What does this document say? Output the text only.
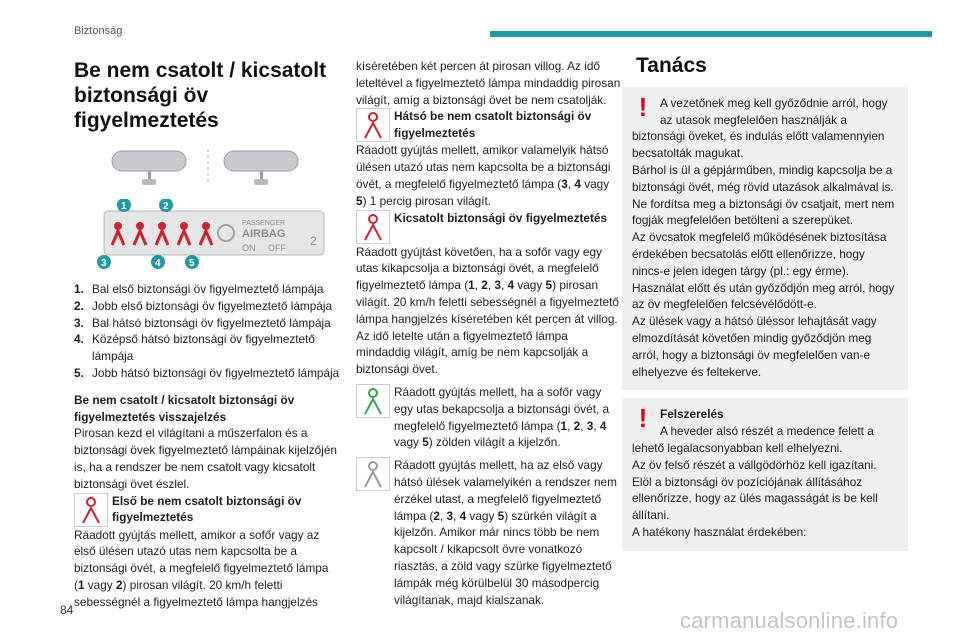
Biztonság
Be nem csatolt / kicsatolt biztonsági öv figyelmeztetés
PASSENGER
AIRBAG
ON OFF 2
1	2
3	4	5
1. Bal első biztonsági öv figyelmeztető lámpája
2. Jobb első biztonsági öv figyelmeztető lámpája
3. Bal hátsó biztonsági öv figyelmeztető lámpája
4. Középső hátsó biztonsági öv figyelmeztető lámpája
5. Jobb hátsó biztonsági öv figyelmeztető lámpája

Be nem csatolt / kicsatolt biztonsági öv figyelmeztetés visszajelzés

Pirosan kezd el világítani a műszerfalon és a biztonsági övek figyelmeztető lámpáinak kijelzőjén is, ha a rendszer be nem csatolt vagy kicsatolt biztonsági övet észlel.

Első be nem csatolt biztonsági öv figyelmeztetés

Ráadott gyújtás mellett, amikor a sofőr vagy az első ülésen utazó utas nem kapcsolta be a biztonsági övét, a megfelelő figyelmeztető lámpa (1 vagy 2) pirosan világít. 20 km/h feletti sebességnél a figyelmeztető lámpa hangjelzés

kíséretében két percen át pirosan villog. Az idő leteltével a figyelmeztető lámpa mindaddig pirosan világít, amíg a biztonsági övet be nem csatolják.

Hátsó be nem csatolt biztonsági öv figyelmeztetés

Ráadott gyújtás mellett, amikor valamelyik hátsó ülésen utazó utas nem kapcsolta be a biztonsági övét, a megfelelő figyelmeztető lámpa (3, 4 vagy 5) 1 percig pirosan világít.

Kicsatolt biztonsági öv figyelmeztetés

Ráadott gyújtást követően, ha a sofőr vagy egy utas kikapcsolja a biztonsági övét, a megfelelő figyelmeztető lámpa (1, 2, 3, 4 vagy 5) pirosan világít. 20 km/h feletti sebességnél a figyelmeztető lámpa hangjelzés kíséretében két percen át villog. Az idő letelte után a figyelmeztető lámpa mindaddig világít, amíg be nem kapcsolják a biztonsági övet.

Ráadott gyújtás mellett, ha a sofőr vagy egy utas bekapcsolja a biztonsági övét, a megfelelő figyelmeztető lámpa (1, 2, 3, 4 vagy 5) zölden világít a kijelzőn.

Ráadott gyújtás mellett, ha az első vagy hátsó ülések valamelyikén a rendszer nem érzékel utast, a megfelelő figyelmeztető lámpa (2, 3, 4 vagy 5) szürkén világít a kijelzőn. Amikor már nincs több be nem kapcsolt / kikapcsolt övre vonatkozó riasztás, a zöld vagy szürke figyelmeztető lámpák még körülbelül 30 másodpercig világítanak, majd kialszanak.

Tanács
!	A vezetőnek meg kell győződnie arról, hogy az utasok megfelelően használják a biztonsági öveket, és indulás előtt valamennyien becsatolták magukat.

Bárhol is ül a gépjárműben, mindig kapcsolja be a biztonsági övét, még rövid utazások alkalmával is.

Ne fordítsa meg a biztonsági öv csatjait, mert nem fogják megfelelően betölteni a szerepüket.

Az övcsatok megfelelő működésének biztosítása érdekében becsatolás előtt ellenőrizze, hogy nincs-e jelen idegen tárgy (pl.: egy érme).

Használat előtt és után győződjön meg arról, hogy az öv megfelelően felcsévélődött-e.

Az ülések vagy a hátsó üléssor lehajtását vagy elmozdítását követően mindig győződjön meg arról, hogy a biztonsági öv megfelelően van-e elhelyezve és feltekerve.

!	Felszerelés

A heveder alsó részét a medence felett a lehető legalacsonyabban kell elhelyezni.

Az öv felső részét a vállgödörhöz kell igazítani.

Elöl a biztonsági öv pozíciójának állításához ellenőrizze, hogy az ülés magasságát is be kell állítani.

A hatékony használat érdekében:

84	carmanualsonline.info
